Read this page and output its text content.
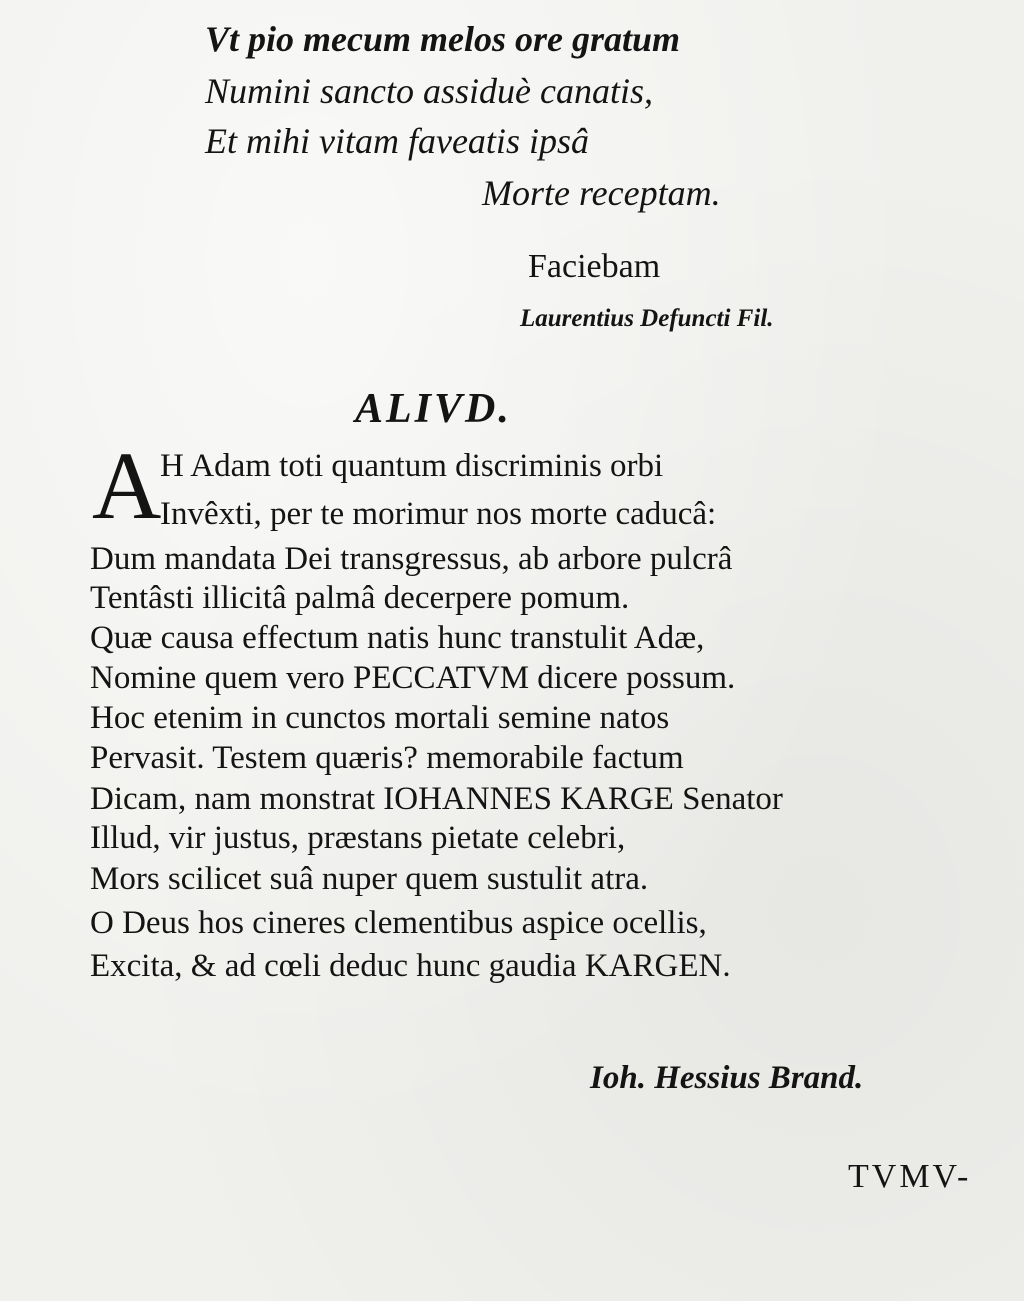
Vt pio mecum melos ore gratum
Numini sancto assiduè canatis,
Et mihi vitam faveatis ipsâ
Morte receptam.
Faciebam
Laurentius Defuncti Fil.
ALIVD.
A
H Adam toti quantum discriminis orbi
Invêxti, per te morimur nos morte caducâ:
Dum mandata Dei transgressus, ab arbore pulcrâ
Tentâsti illicitâ palmâ decerpere pomum.
Quæ causa effectum natis hunc transtulit Adæ,
Nomine quem vero PECCATVM dicere possum.
Hoc etenim in cunctos mortali semine natos
Pervasit. Testem quæris? memorabile factum
Dicam, nam monstrat IOHANNES KARGE Senator
Illud, vir justus, præstans pietate celebri,
Mors scilicet suâ nuper quem sustulit atra.
O Deus hos cineres clementibus aspice ocellis,
Excita, & ad cœli deduc hunc gaudia KARGEN.
Ioh. Hessius Brand.
TVMV-
